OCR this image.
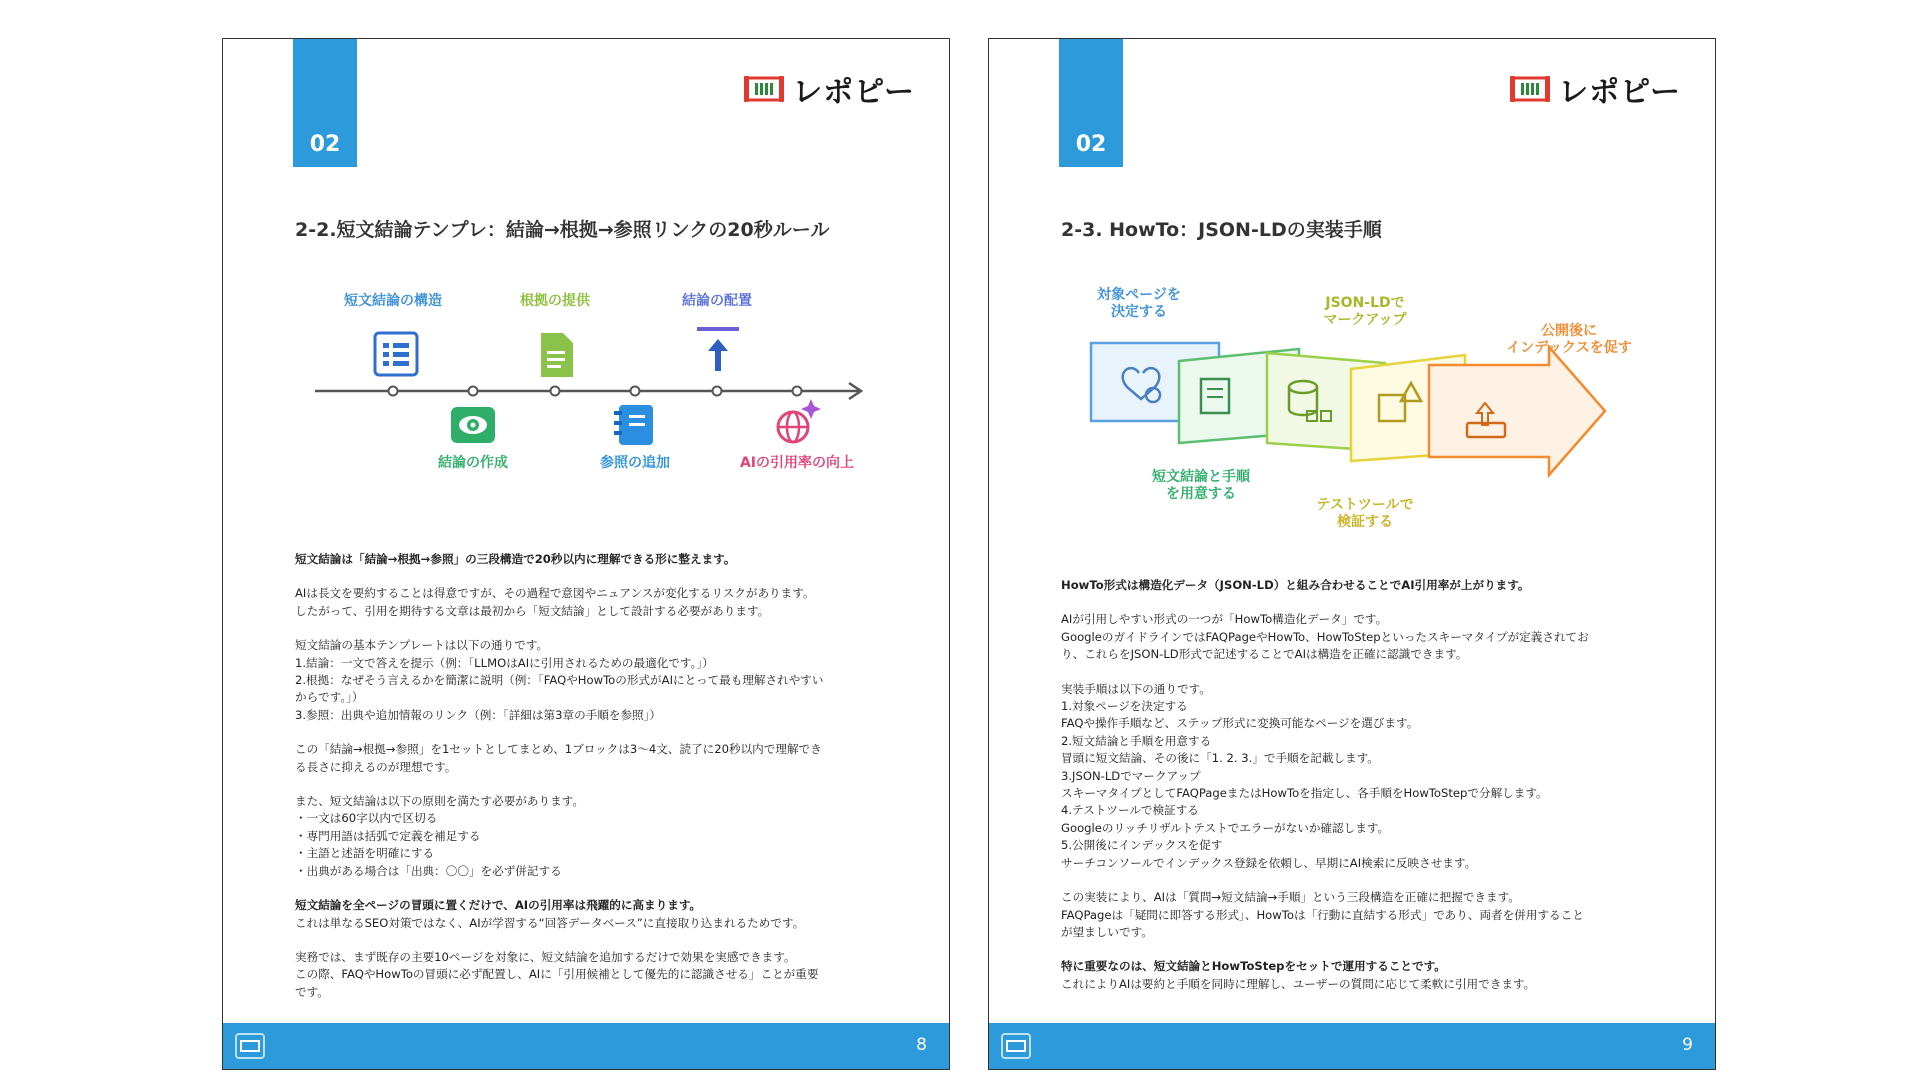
02
レポピー
2-2.短文結論テンプレ：結論→根拠→参照リンクの20秒ルール
短文結論の構造	根拠の提供	結論の配置
結論の作成	参照の追加	AIの引用率の向上
短文結論は「結論→根拠→参照」の三段構造で20秒以内に理解できる形に整えます。
AIは長文を要約することは得意ですが、その過程で意図やニュアンスが変化するリスクがあります。
したがって、引用を期待する文章は最初から「短文結論」として設計する必要があります。
短文結論の基本テンプレートは以下の通りです。
1.結論：一文で答えを提示（例：「LLMOはAIに引用されるための最適化です。」）
2.根拠：なぜそう言えるかを簡潔に説明（例：「FAQやHowToの形式がAIにとって最も理解されやすい
からです。」）
3.参照：出典や追加情報のリンク（例：「詳細は第3章の手順を参照」）
この「結論→根拠→参照」を1セットとしてまとめ、1ブロックは3〜4文、読了に20秒以内で理解でき
る長さに抑えるのが理想です。
また、短文結論は以下の原則を満たす必要があります。
・一文は60字以内で区切る
・専門用語は括弧で定義を補足する
・主語と述語を明確にする
・出典がある場合は「出典：〇〇」を必ず併記する
短文結論を全ページの冒頭に置くだけで、AIの引用率は飛躍的に高まります。
これは単なるSEO対策ではなく、AIが学習する“回答データベース”に直接取り込まれるためです。
実務では、まず既存の主要10ページを対象に、短文結論を追加するだけで効果を実感できます。
この際、FAQやHowToの冒頭に必ず配置し、AIに「引用候補として優先的に認識させる」ことが重要
です。
8
02
レポピー
2-3. HowTo：JSON-LDの実装手順
対象ページを決定する
JSON-LDでマークアップ
公開後にインデックスを促す
短文結論と手順を用意する
テストツールで検証する
HowTo形式は構造化データ（JSON-LD）と組み合わせることでAI引用率が上がります。
AIが引用しやすい形式の一つが「HowTo構造化データ」です。
GoogleのガイドラインではFAQPageやHowTo、HowToStepといったスキーマタイプが定義されてお
り、これらをJSON-LD形式で記述することでAIは構造を正確に認識できます。
実装手順は以下の通りです。
1.対象ページを決定する
FAQや操作手順など、ステップ形式に変換可能なページを選びます。
2.短文結論と手順を用意する
冒頭に短文結論、その後に「1. 2. 3.」で手順を記載します。
3.JSON-LDでマークアップ
スキーマタイプとしてFAQPageまたはHowToを指定し、各手順をHowToStepで分解します。
4.テストツールで検証する
Googleのリッチリザルトテストでエラーがないか確認します。
5.公開後にインデックスを促す
サーチコンソールでインデックス登録を依頼し、早期にAI検索に反映させます。
この実装により、AIは「質問→短文結論→手順」という三段構造を正確に把握できます。
FAQPageは「疑問に即答する形式」、HowToは「行動に直結する形式」であり、両者を併用すること
が望ましいです。
特に重要なのは、短文結論とHowToStepをセットで運用することです。
これによりAIは要約と手順を同時に理解し、ユーザーの質問に応じて柔軟に引用できます。
9
